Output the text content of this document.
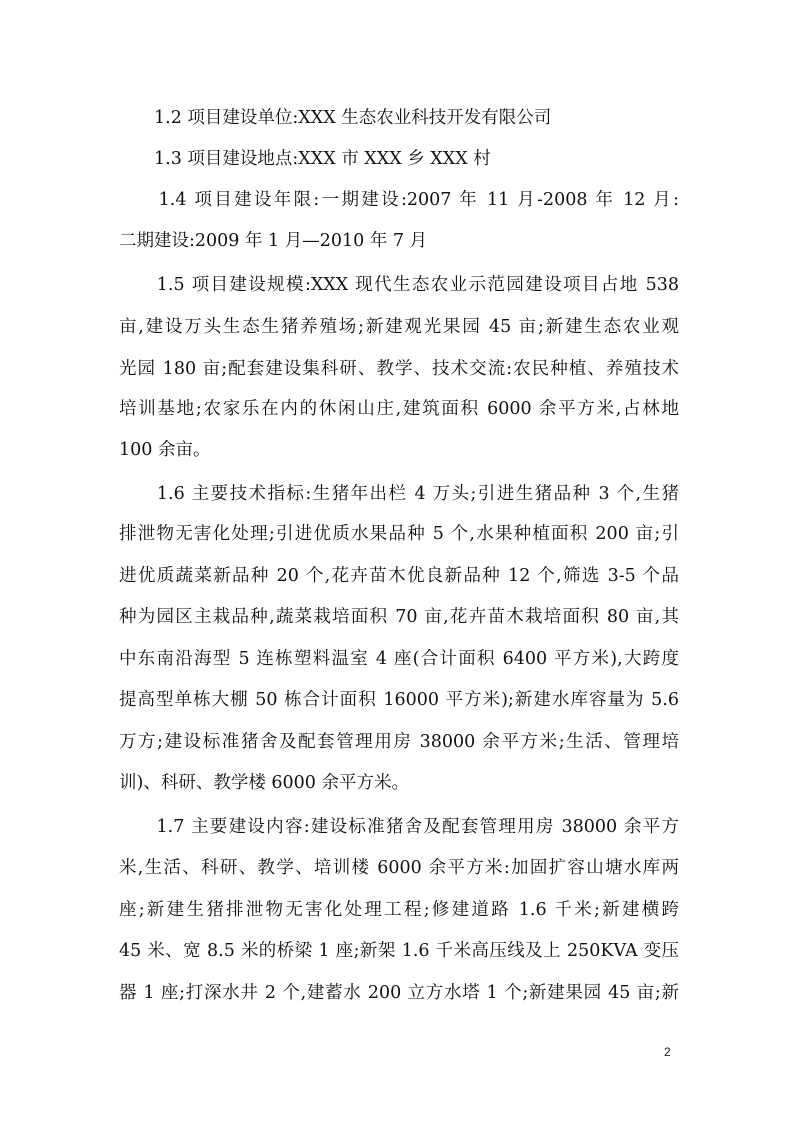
　　1.2 项目建设单位:XXX 生态农业科技开发有限公司
　　1.3 项目建设地点:XXX 市 XXX 乡 XXX 村
　　1.4 项目建设年限:一期建设:2007 年 11 月-2008 年 12 月:
二期建设:2009 年 1 月—2010 年 7 月
　　1.5 项目建设规模:XXX 现代生态农业示范园建设项目占地 538
亩,建设万头生态生猪养殖场;新建观光果园 45 亩;新建生态农业观
光园 180 亩;配套建设集科研、教学、技术交流:农民种植、养殖技术
培训基地;农家乐在内的休闲山庄,建筑面积 6000 余平方米,占林地
100 余亩。
　　1.6 主要技术指标:生猪年出栏 4 万头;引进生猪品种 3 个,生猪
排泄物无害化处理;引进优质水果品种 5 个,水果种植面积 200 亩;引
进优质蔬菜新品种 20 个,花卉苗木优良新品种 12 个,筛选 3-5 个品
种为园区主栽品种,蔬菜栽培面积 70 亩,花卉苗木栽培面积 80 亩,其
中东南沿海型 5 连栋塑料温室 4 座(合计面积 6400 平方米),大跨度
提高型单栋大棚 50 栋合计面积 16000 平方米);新建水库容量为 5.6
万方;建设标准猪舍及配套管理用房 38000 余平方米;生活、管理培
训)、科研、教学楼 6000 余平方米。
　　1.7 主要建设内容:建设标准猪舍及配套管理用房 38000 余平方
米,生活、科研、教学、培训楼 6000 余平方米:加固扩容山塘水库两
座;新建生猪排泄物无害化处理工程;修建道路 1.6 千米;新建横跨
45 米、宽 8.5 米的桥梁 1 座;新架 1.6 千米高压线及上 250KVA 变压
器 1 座;打深水井 2 个,建蓄水 200 立方水塔 1 个;新建果园 45 亩;新
2
